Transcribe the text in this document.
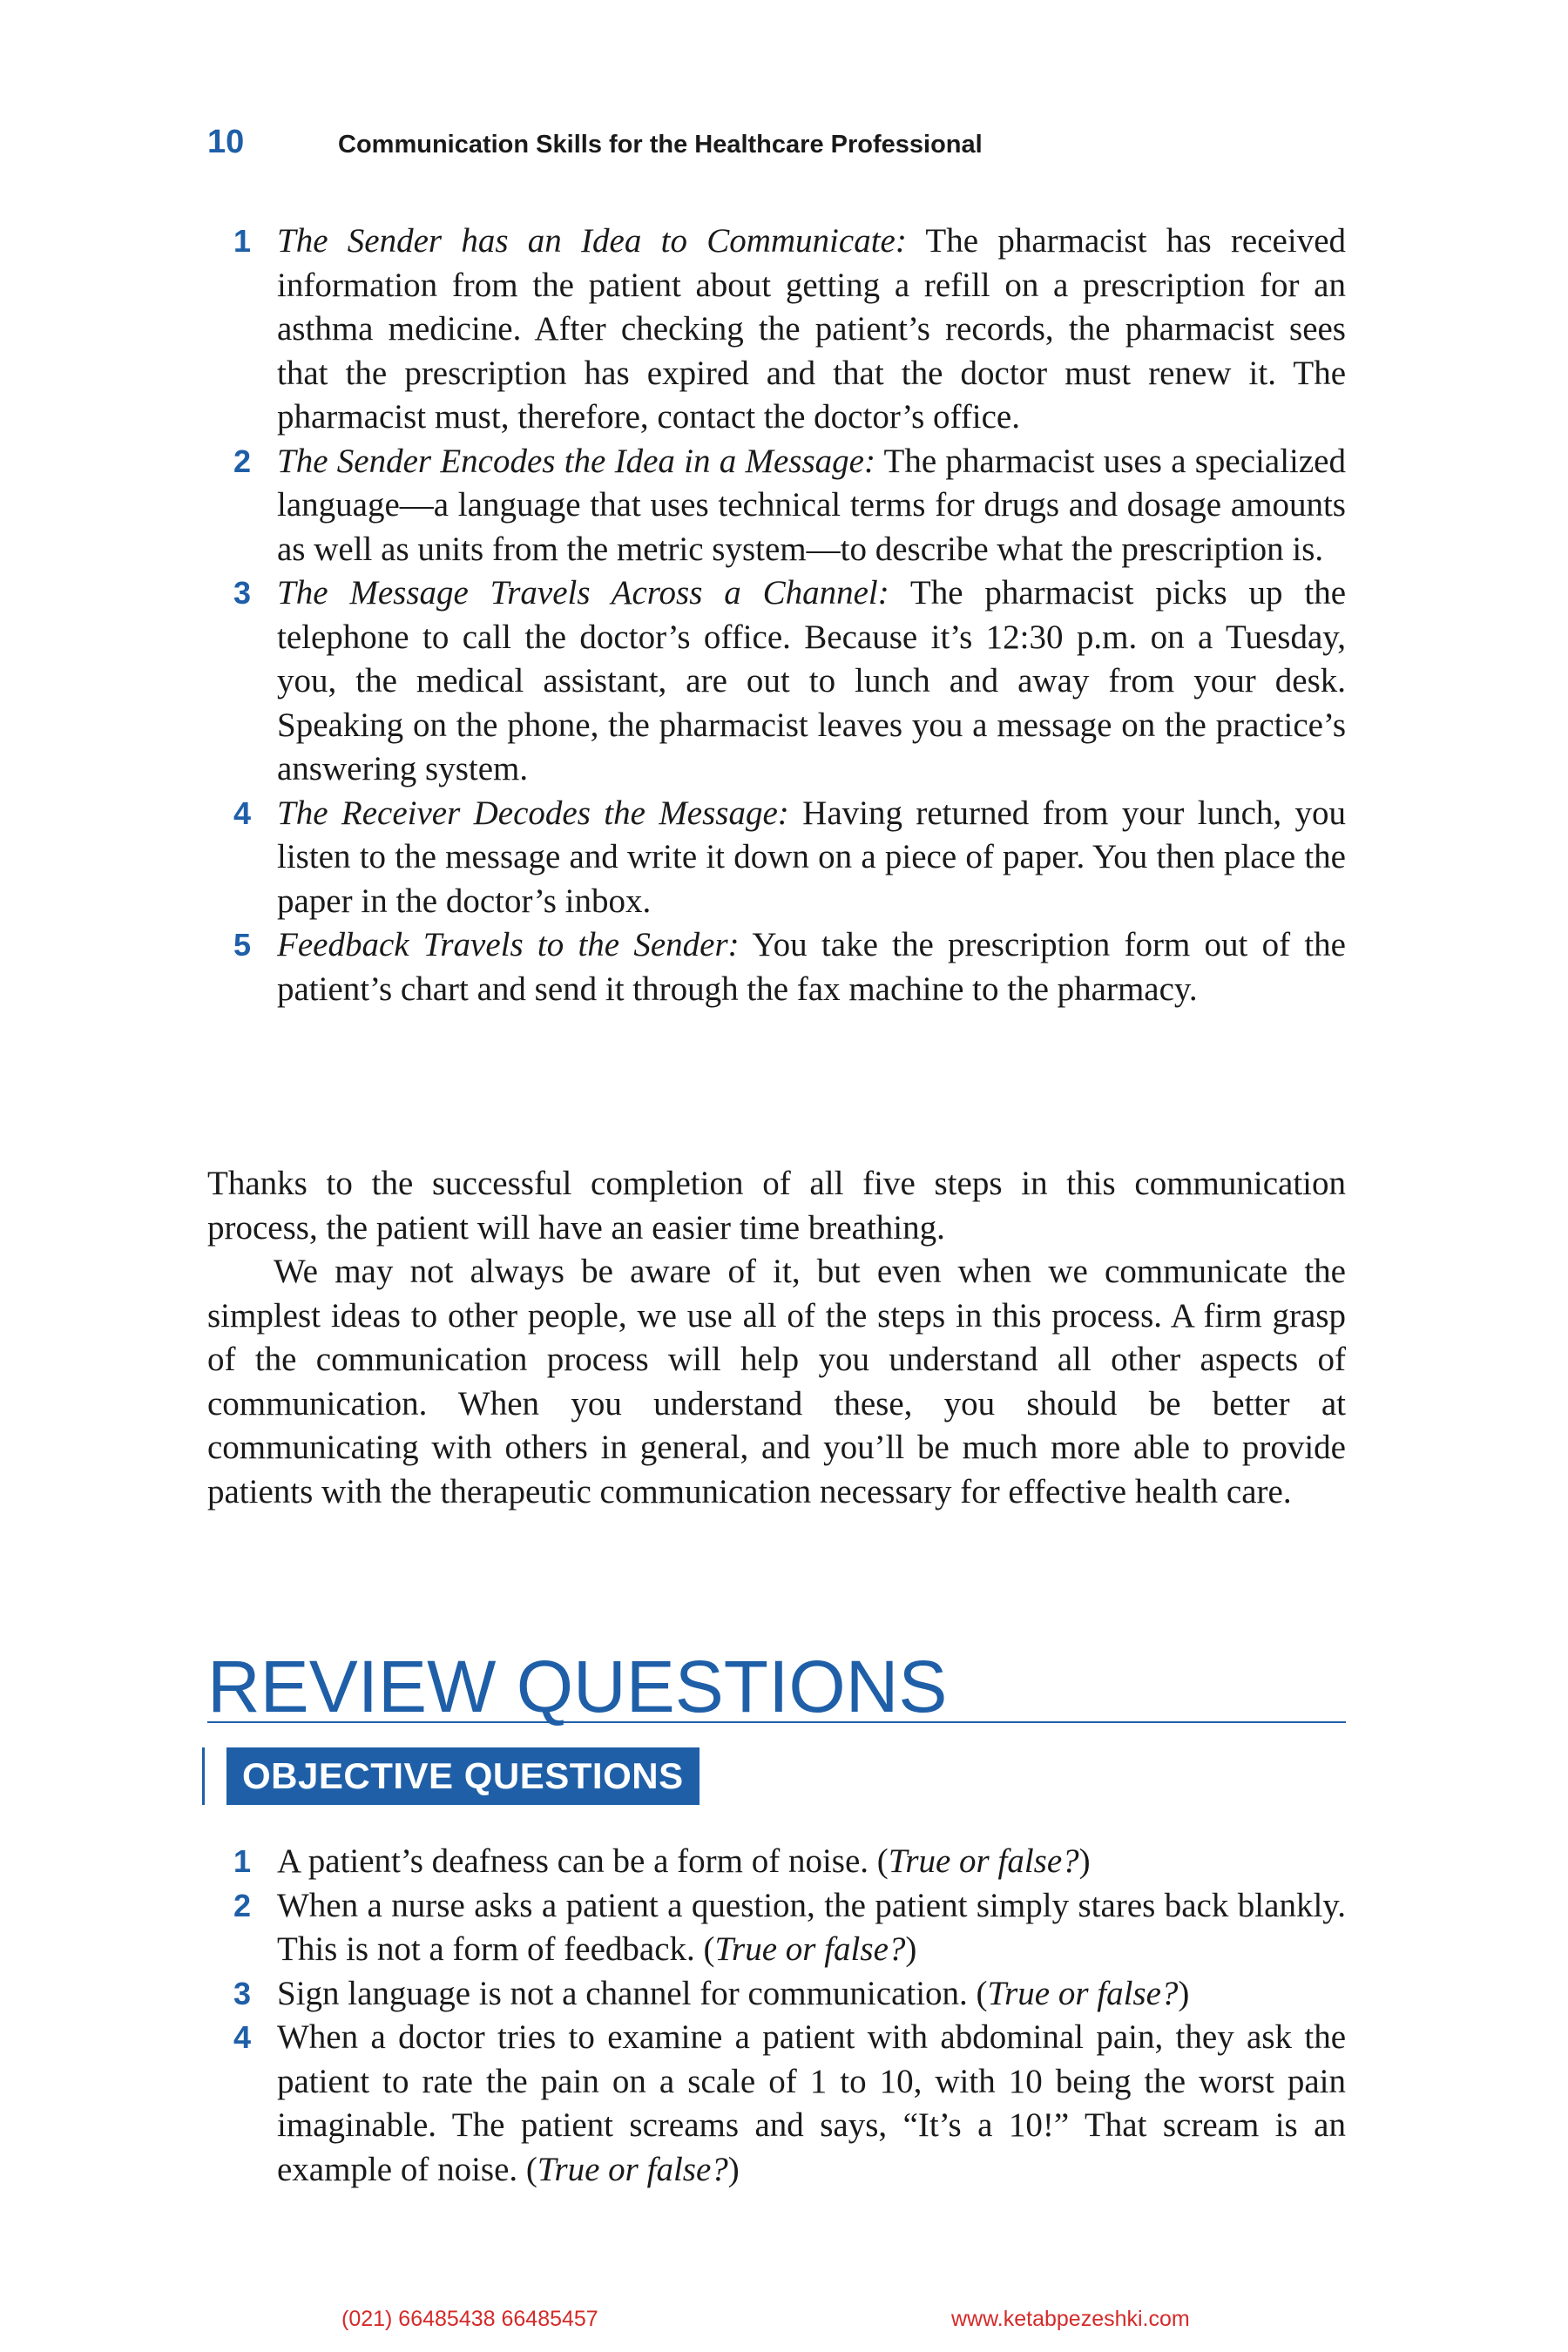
10	Communication Skills for the Healthcare Professional
1 The Sender has an Idea to Communicate: The pharmacist has received information from the patient about getting a refill on a prescription for an asthma medicine. After checking the patient’s records, the pharmacist sees that the prescription has expired and that the doctor must renew it. The pharmacist must, therefore, contact the doctor’s office.
2 The Sender Encodes the Idea in a Message: The pharmacist uses a specialized language—a language that uses technical terms for drugs and dosage amounts as well as units from the metric system—to describe what the prescription is.
3 The Message Travels Across a Channel: The pharmacist picks up the telephone to call the doctor’s office. Because it’s 12:30 p.m. on a Tuesday, you, the medical assistant, are out to lunch and away from your desk. Speaking on the phone, the pharmacist leaves you a message on the practice’s answering system.
4 The Receiver Decodes the Message: Having returned from your lunch, you listen to the message and write it down on a piece of paper. You then place the paper in the doctor’s inbox.
5 Feedback Travels to the Sender: You take the prescription form out of the patient’s chart and send it through the fax machine to the pharmacy.

Thanks to the successful completion of all five steps in this communication process, the patient will have an easier time breathing.

We may not always be aware of it, but even when we communicate the simplest ideas to other people, we use all of the steps in this process. A firm grasp of the communication process will help you understand all other aspects of communication. When you understand these, you should be better at communicating with others in general, and you’ll be much more able to provide patients with the therapeutic communication necessary for effective health care.

REVIEW QUESTIONS
OBJECTIVE QUESTIONS
1 A patient’s deafness can be a form of noise. (True or false?)
2 When a nurse asks a patient a question, the patient simply stares back blankly. This is not a form of feedback. (True or false?)
3 Sign language is not a channel for communication. (True or false?)
4 When a doctor tries to examine a patient with abdominal pain, they ask the patient to rate the pain on a scale of 1 to 10, with 10 being the worst pain imaginable. The patient screams and says, “It’s a 10!” That scream is an example of noise. (True or false?)
(021) 66485438 66485457	www.ketabpezeshki.com
